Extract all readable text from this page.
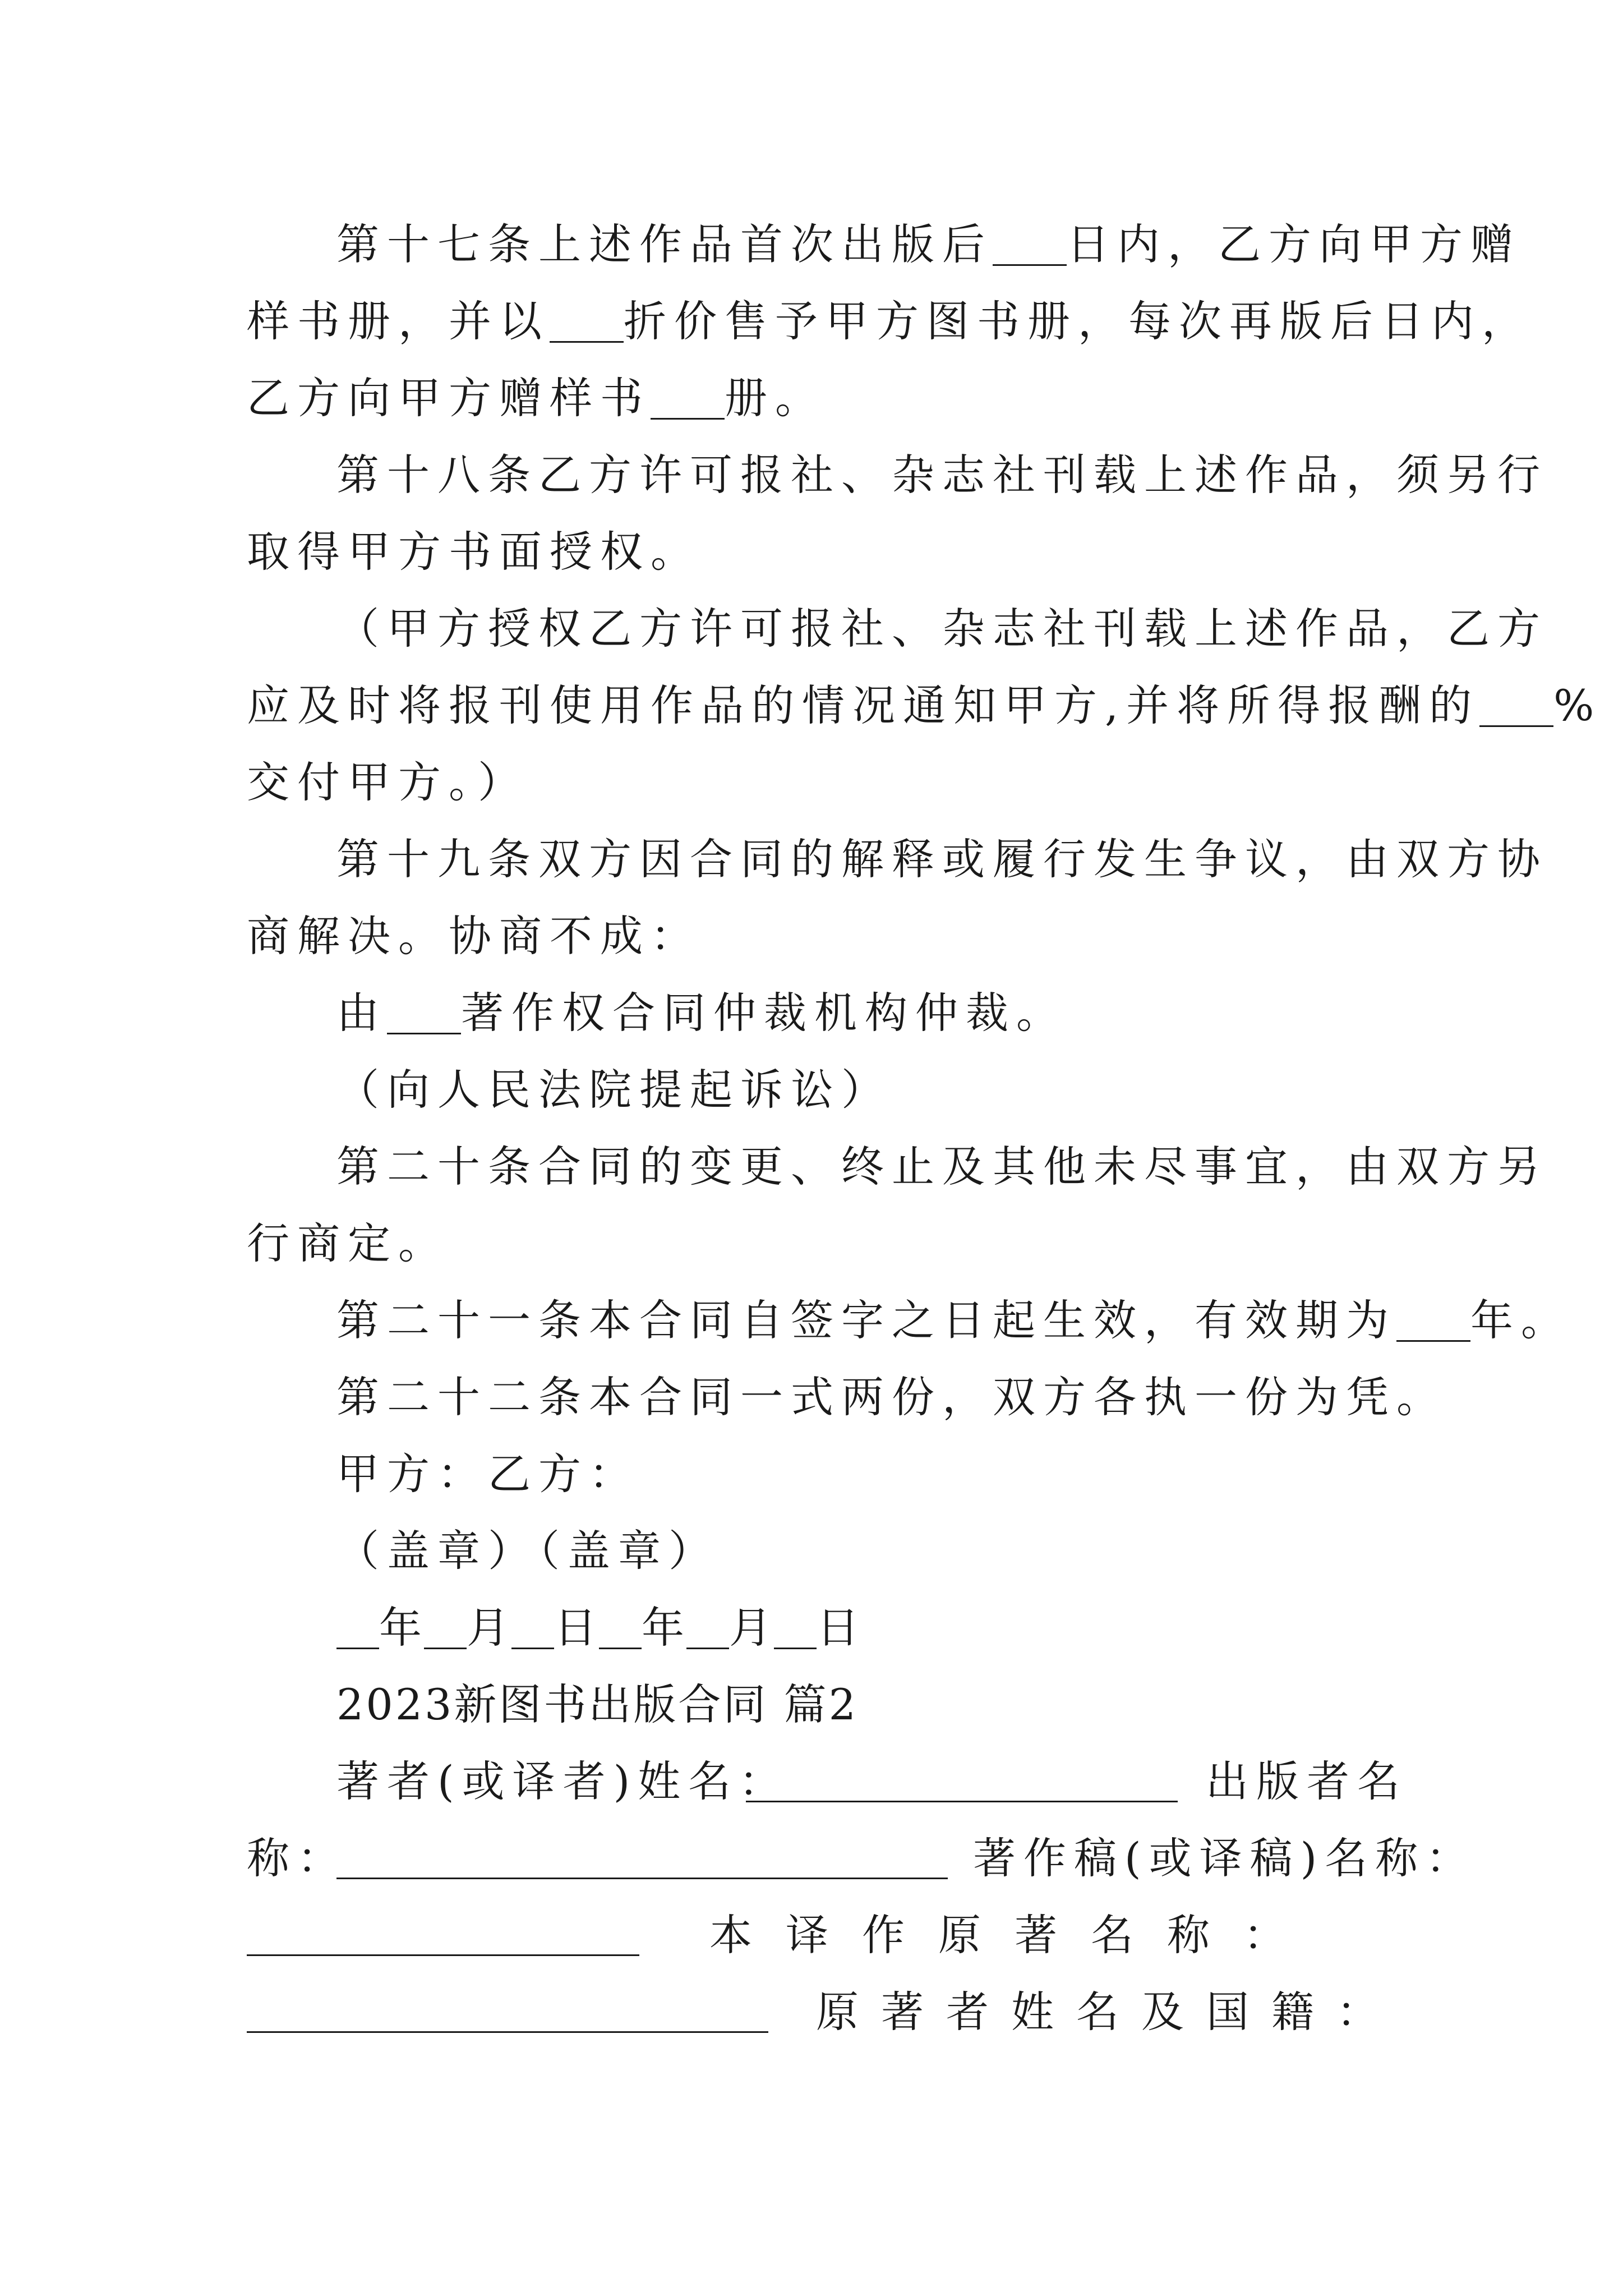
第十七条上述作品首次出版后 日内，乙方向甲方赠
样书册，并以 折价售予甲方图书册，每次再版后日内，
乙方向甲方赠样书 册。
第十八条乙方许可报社、杂志社刊载上述作品，须另行
取得甲方书面授权。
（甲方授权乙方许可报社、杂志社刊载上述作品，乙方
应及时将报刊使用作品的情况通知甲方,并将所得报酬的 %
交付甲方。）
第十九条双方因合同的解释或履行发生争议，由双方协
商解决。协商不成：
由 著作权合同仲裁机构仲裁。
（向人民法院提起诉讼）
第二十条合同的变更、终止及其他未尽事宜，由双方另
行商定。
第二十一条本合同自签字之日起生效，有效期为 年。
第二十二条本合同一式两份，双方各执一份为凭。
甲方：乙方：
（盖章）（盖章）
年 月 日 年 月 日
2023新图书出版合同 篇2
著者(或译者)姓名：	出版者名
称：	著作稿(或译稿)名称：
本译作原著名称：
原著者姓名及国籍：
